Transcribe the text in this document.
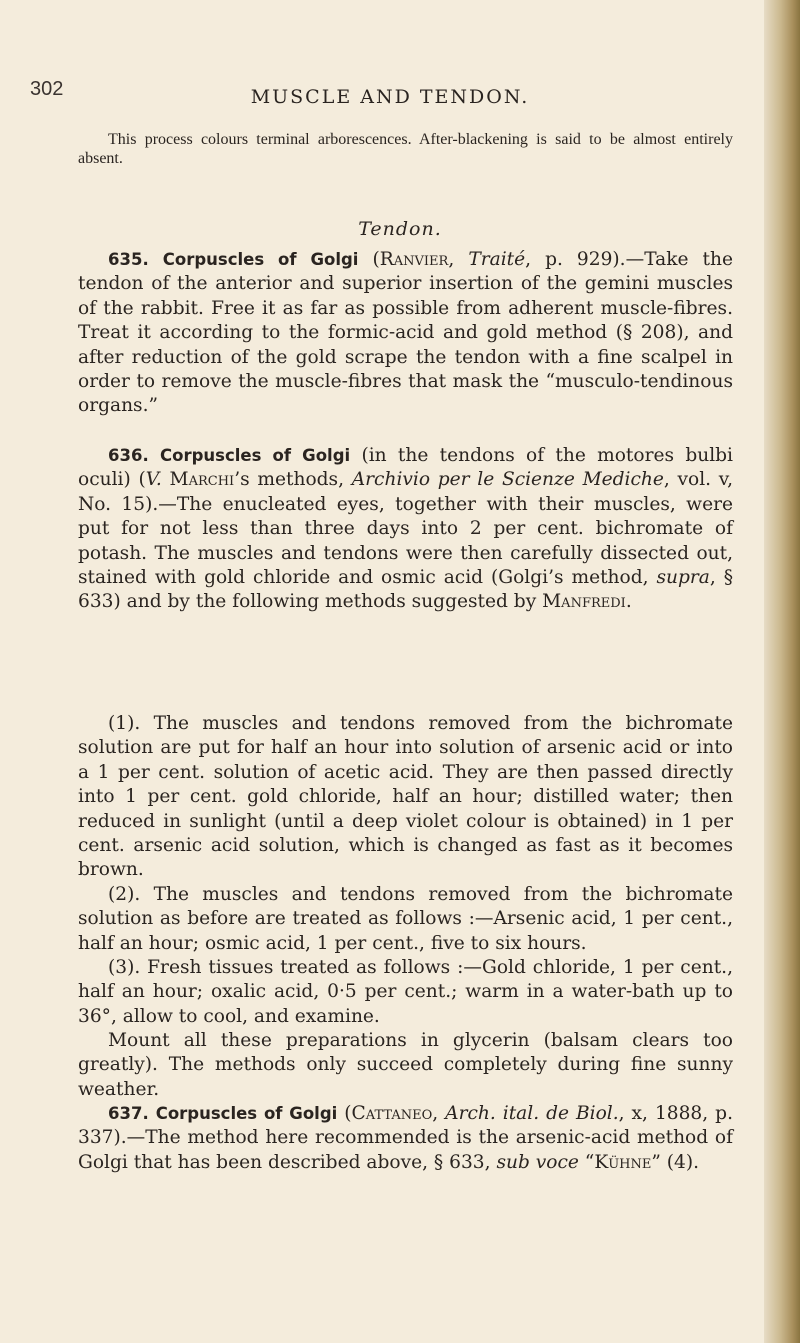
302	MUSCLE AND TENDON.

This process colours terminal arborescences. After-blackening is said to be almost entirely absent.

Tendon.

635. Corpuscles of Golgi (Ranvier, Traité, p. 929).—Take the tendon of the anterior and superior insertion of the gemini muscles of the rabbit. Free it as far as possible from adherent muscle-fibres. Treat it according to the formic-acid and gold method (§ 208), and after reduction of the gold scrape the tendon with a fine scalpel in order to remove the muscle-fibres that mask the “musculo-tendinous organs.”

636. Corpuscles of Golgi (in the tendons of the motores bulbi oculi) (V. Marchi’s methods, Archivio per le Scienze Mediche, vol. v, No. 15).—The enucleated eyes, together with their muscles, were put for not less than three days into 2 per cent. bichromate of potash. The muscles and tendons were then carefully dissected out, stained with gold chloride and osmic acid (Golgi’s method, supra, § 633) and by the following methods suggested by Manfredi.

(1). The muscles and tendons removed from the bichromate solution are put for half an hour into solution of arsenic acid or into a 1 per cent. solution of acetic acid. They are then passed directly into 1 per cent. gold chloride, half an hour; distilled water; then reduced in sunlight (until a deep violet colour is obtained) in 1 per cent. arsenic acid solution, which is changed as fast as it becomes brown.

(2). The muscles and tendons removed from the bichromate solution as before are treated as follows :—Arsenic acid, 1 per cent., half an hour; osmic acid, 1 per cent., five to six hours.

(3). Fresh tissues treated as follows :—Gold chloride, 1 per cent., half an hour; oxalic acid, 0·5 per cent.; warm in a water-bath up to 36°, allow to cool, and examine.

Mount all these preparations in glycerin (balsam clears too greatly). The methods only succeed completely during fine sunny weather.

637. Corpuscles of Golgi (Cattaneo, Arch. ital. de Biol., x, 1888, p. 337).—The method here recommended is the arsenic-acid method of Golgi that has been described above, § 633, sub voce “Kühne” (4).
